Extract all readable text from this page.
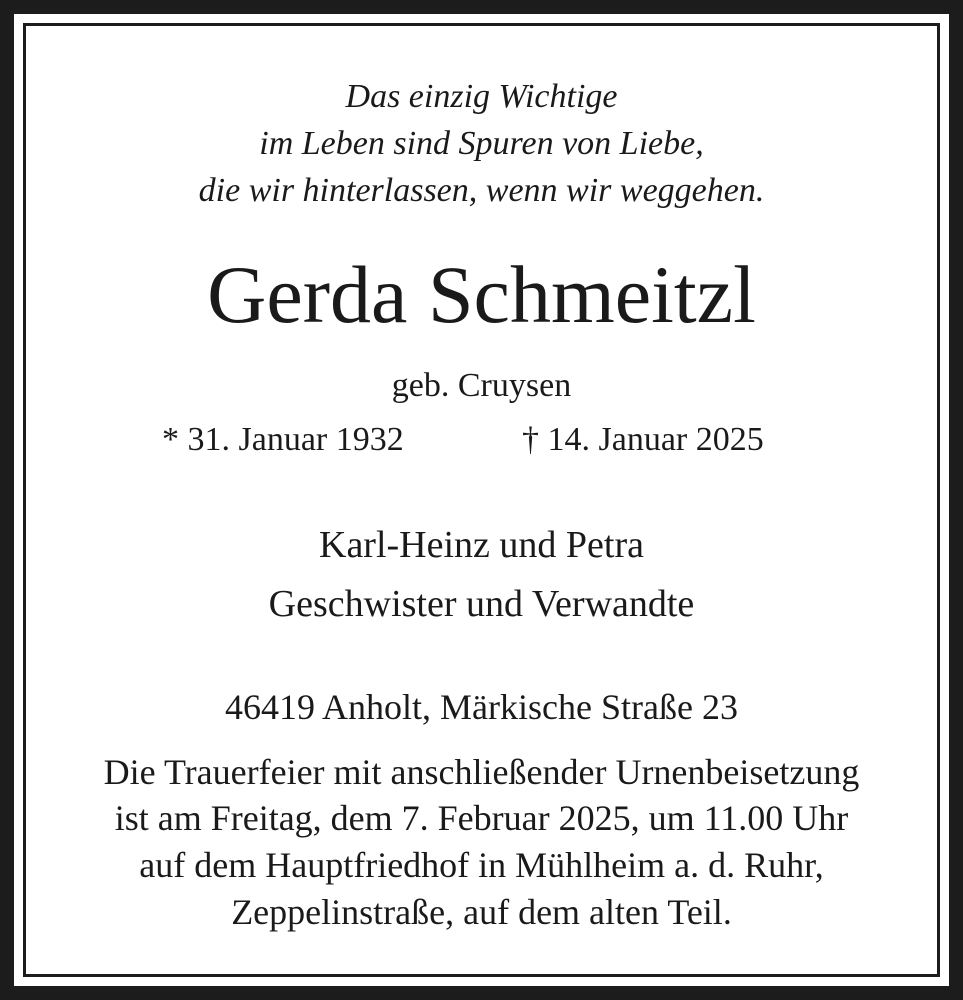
Das einzig Wichtige
im Leben sind Spuren von Liebe,
die wir hinterlassen, wenn wir weggehen.
Gerda Schmeitzl
geb. Cruysen
* 31. Januar 1932	† 14. Januar 2025
Karl-Heinz und Petra
Geschwister und Verwandte
46419 Anholt, Märkische Straße 23
Die Trauerfeier mit anschließender Urnenbeisetzung
ist am Freitag, dem 7. Februar 2025, um 11.00 Uhr
auf dem Hauptfriedhof in Mühlheim a. d. Ruhr,
Zeppelinstraße, auf dem alten Teil.
